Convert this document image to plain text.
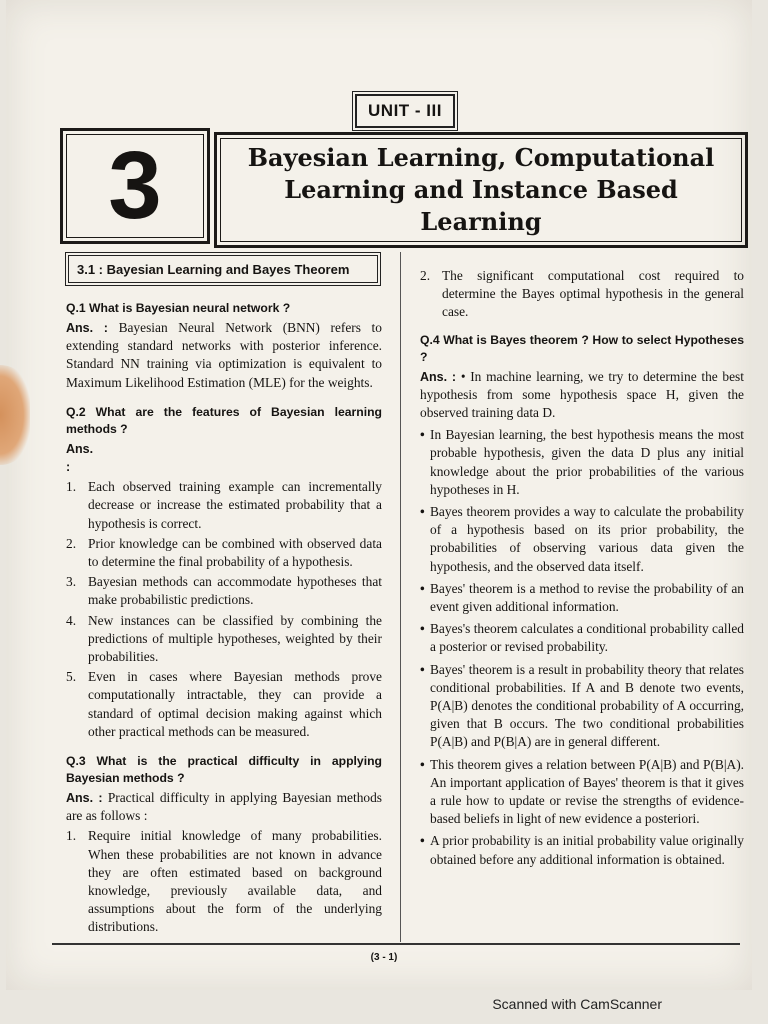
UNIT - III
3	Bayesian Learning, Computational Learning and Instance Based Learning
3.1 : Bayesian Learning and Bayes Theorem
Q.1 What is Bayesian neural network ?

Ans. : Bayesian Neural Network (BNN) refers to extending standard networks with posterior inference. Standard NN training via optimization is equivalent to Maximum Likelihood Estimation (MLE) for the weights.

Q.2 What are the features of Bayesian learning methods ?
Ans. :
1. Each observed training example can incrementally decrease or increase the estimated probability that a hypothesis is correct.
2. Prior knowledge can be combined with observed data to determine the final probability of a hypothesis.
3. Bayesian methods can accommodate hypotheses that make probabilistic predictions.
4. New instances can be classified by combining the predictions of multiple hypotheses, weighted by their probabilities.
5. Even in cases where Bayesian methods prove computationally intractable, they can provide a standard of optimal decision making against which other practical methods can be measured.
Q.3 What is the practical difficulty in applying Bayesian methods ?

Ans. : Practical difficulty in applying Bayesian methods are as follows :

1. Require initial knowledge of many probabilities. When these probabilities are not known in advance they are often estimated based on background knowledge, previously available data, and assumptions about the form of the underlying distributions.
2. The significant computational cost required to determine the Bayes optimal hypothesis in the general case.
Q.4 What is Bayes theorem ? How to select Hypotheses ?

Ans. : • In machine learning, we try to determine the best hypothesis from some hypothesis space H, given the observed training data D.

• In Bayesian learning, the best hypothesis means the most probable hypothesis, given the data D plus any initial knowledge about the prior probabilities of the various hypotheses in H.
• Bayes theorem provides a way to calculate the probability of a hypothesis based on its prior probability, the probabilities of observing various data given the hypothesis, and the observed data itself.
• Bayes' theorem is a method to revise the probability of an event given additional information.
• Bayes's theorem calculates a conditional probability called a posterior or revised probability.
• Bayes' theorem is a result in probability theory that relates conditional probabilities. If A and B denote two events, P(A|B) denotes the conditional probability of A occurring, given that B occurs. The two conditional probabilities P(A|B) and P(B|A) are in general different.
• This theorem gives a relation between P(A|B) and P(B|A). An important application of Bayes' theorem is that it gives a rule how to update or revise the strengths of evidence-based beliefs in light of new evidence a posteriori.
• A prior probability is an initial probability value originally obtained before any additional information is obtained.
(3 - 1)
Scanned with CamScanner
